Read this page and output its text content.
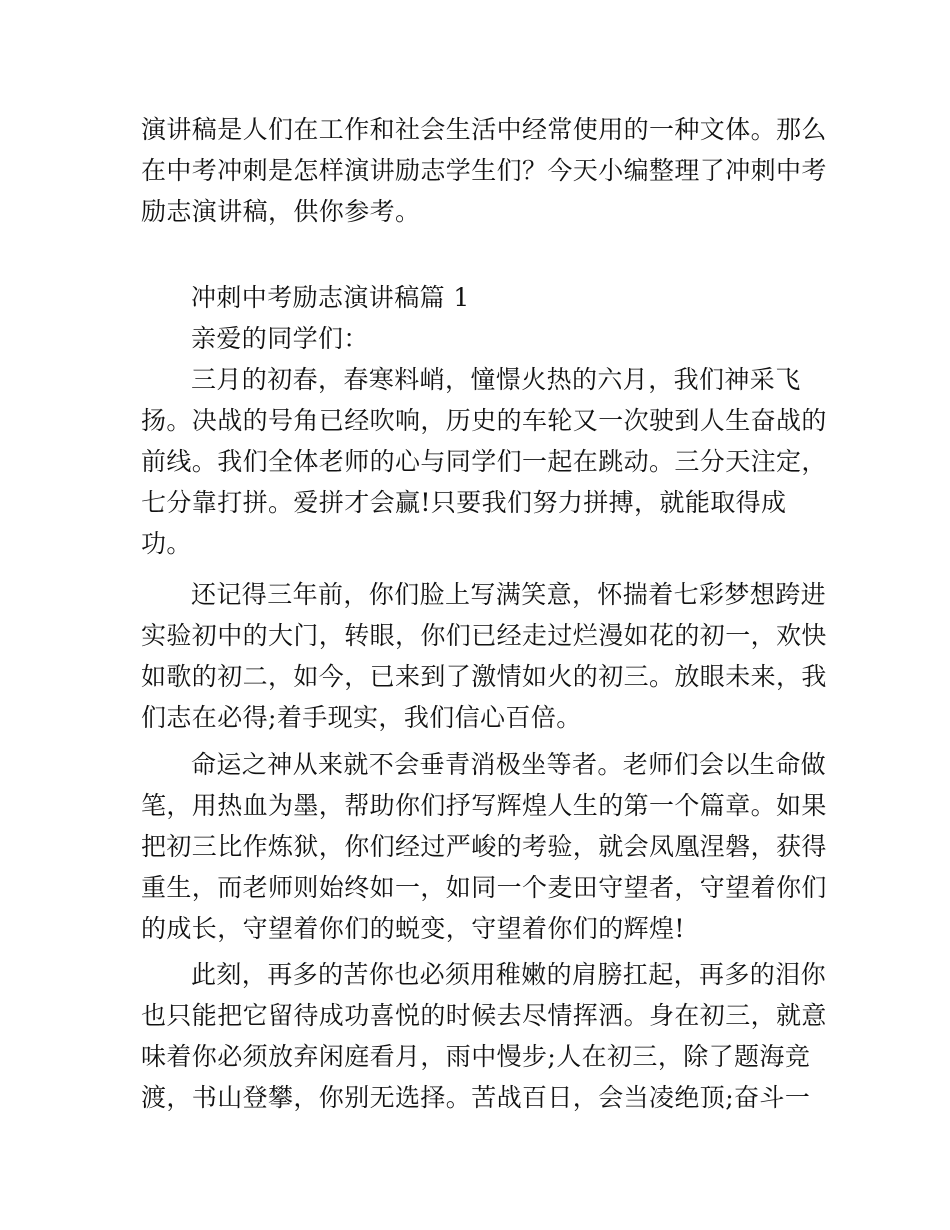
演讲稿是人们在工作和社会生活中经常使用的一种文体。那么
在中考冲刺是怎样演讲励志学生们？今天小编整理了冲刺中考
励志演讲稿，供你参考。
冲刺中考励志演讲稿篇 1
亲爱的同学们：
三月的初春，春寒料峭，憧憬火热的六月，我们神采飞
扬。决战的号角已经吹响，历史的车轮又一次驶到人生奋战的
前线。我们全体老师的心与同学们一起在跳动。三分天注定，
七分靠打拼。爱拼才会赢!只要我们努力拼搏，就能取得成
功。
还记得三年前，你们脸上写满笑意，怀揣着七彩梦想跨进
实验初中的大门，转眼，你们已经走过烂漫如花的初一，欢快
如歌的初二，如今，已来到了激情如火的初三。放眼未来，我
们志在必得;着手现实，我们信心百倍。
命运之神从来就不会垂青消极坐等者。老师们会以生命做
笔，用热血为墨，帮助你们抒写辉煌人生的第一个篇章。如果
把初三比作炼狱，你们经过严峻的考验，就会凤凰涅磐，获得
重生，而老师则始终如一，如同一个麦田守望者，守望着你们
的成长，守望着你们的蜕变，守望着你们的辉煌!
此刻，再多的苦你也必须用稚嫩的肩膀扛起，再多的泪你
也只能把它留待成功喜悦的时候去尽情挥洒。身在初三，就意
味着你必须放弃闲庭看月，雨中慢步;人在初三，除了题海竞
渡，书山登攀，你别无选择。苦战百日，会当凌绝顶;奋斗一
